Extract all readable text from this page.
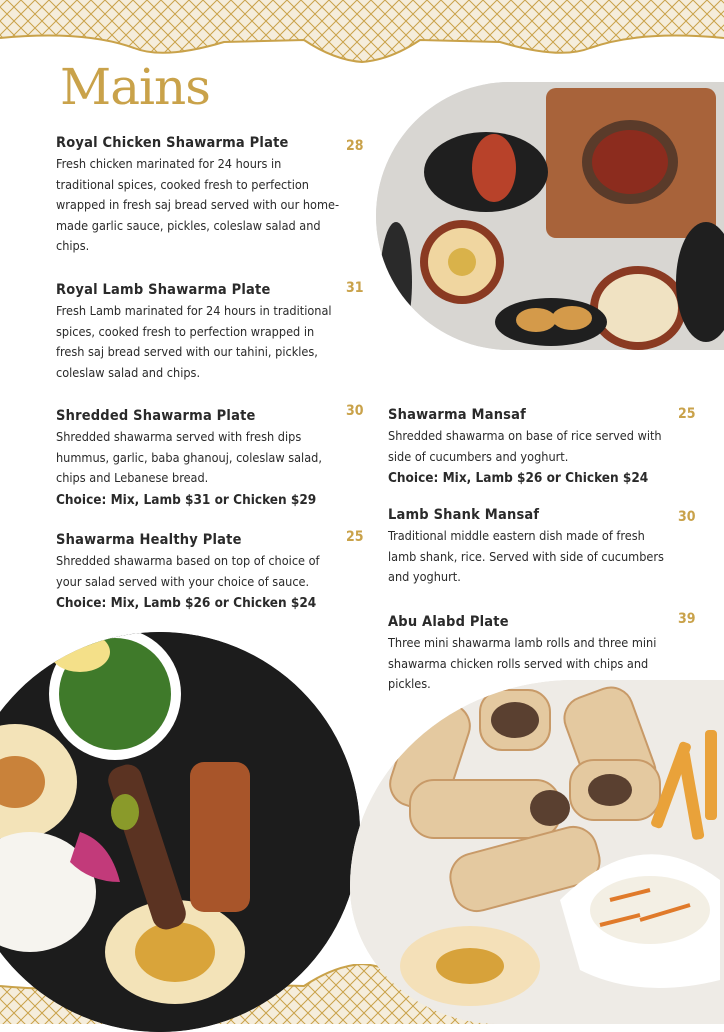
Mains
Royal Chicken Shawarma Plate
Fresh chicken marinated for 24 hours in
traditional spices, cooked fresh to perfection
wrapped in fresh saj bread served with our home-
made garlic sauce, pickles, coleslaw salad and
chips.
28
Royal Lamb Shawarma Plate
Fresh Lamb marinated for 24 hours in traditional
spices, cooked fresh to perfection wrapped in
fresh saj bread served with our tahini, pickles,
coleslaw salad and chips.
31
Shredded Shawarma Plate
Shredded shawarma served with fresh dips
hummus, garlic, baba ghanouj, coleslaw salad,
chips and Lebanese bread.
Choice: Mix, Lamb $31 or Chicken $29
30
Shawarma Healthy Plate
Shredded shawarma based on top of choice of
your salad served with your choice of sauce.
Choice: Mix, Lamb $26 or Chicken $24
25
Shawarma Mansaf
Shredded shawarma on base of rice served with
side of cucumbers and yoghurt.
Choice: Mix, Lamb $26 or Chicken $24
25
Lamb Shank Mansaf
Traditional middle eastern dish made of fresh
lamb shank, rice. Served with side of cucumbers
and yoghurt.
30
Abu Alabd Plate
Three mini shawarma lamb rolls and three mini
shawarma chicken rolls served with chips and
pickles.
39
